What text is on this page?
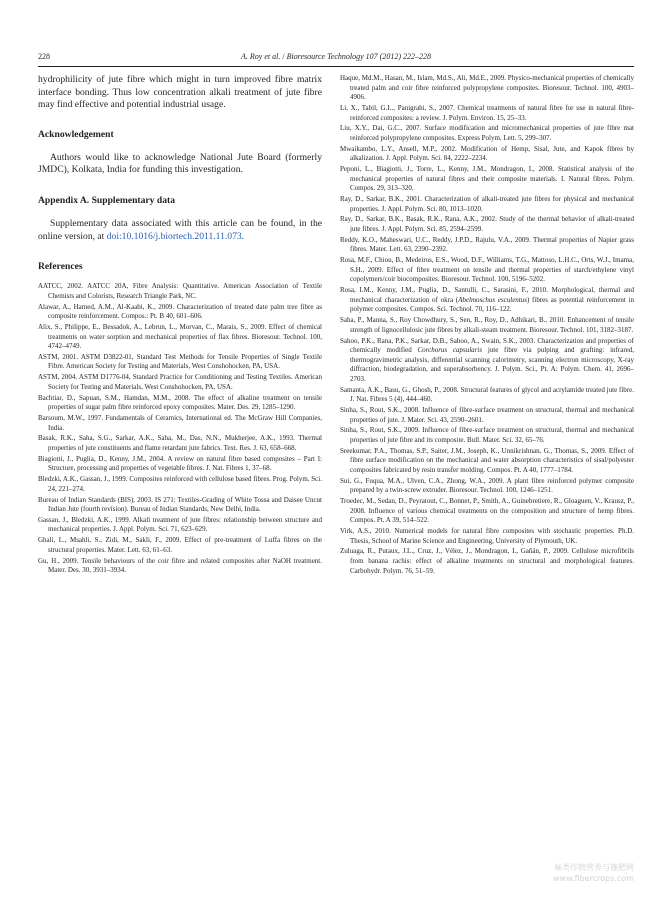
228	A. Roy et al. / Bioresource Technology 107 (2012) 222–228

hydrophilicity of jute fibre which might in turn improved fibre matrix interface bonding. Thus low concentration alkali treatment of jute fibre may find effective and potential industrial usage.

Acknowledgement

Authors would like to acknowledge National Jute Board (formerly JMDC), Kolkata, India for funding this investigation.

Appendix A. Supplementary data

Supplementary data associated with this article can be found, in the online version, at doi:10.1016/j.biortech.2011.11.073.

References

AATCC, 2002. AATCC 20A, Fibre Analysis: Quantitative. American Association of Textile Chemists and Colorists, Research Triangle Park, NC.

Alawar, A., Hamed, A.M., Al-Kaabi, K., 2009. Characterization of treated date palm tree fibre as composite reinforcement. Compos.: Pt. B 40, 601–606.

Alix, S., Philippe, E., Bessadok, A., Lebrun, L., Morvan, C., Marais, S., 2009. Effect of chemical treatments on water sorption and mechanical properties of flax fibres. Bioresour. Technol. 100, 4742–4749.

ASTM, 2001. ASTM D3822-01, Standard Test Methods for Tensile Properties of Single Textile Fibre. American Society for Testing and Materials, West Conshohocken, PA, USA.

ASTM, 2004. ASTM D1776-04, Standard Practice for Conditioning and Testing Textiles. American Society for Testing and Materials, West Conshohocken, PA, USA.

Bachtiar, D., Sapuan, S.M., Hamdan, M.M., 2008. The effect of alkaline treatment on tensile properties of sugar palm fibre reinforced epoxy composites. Mater. Des. 29, 1285–1290.

Barsoum, M.W., 1997. Fundamentals of Ceramics, International ed. The McGraw Hill Companies, India.

Basak, R.K., Saha, S.G., Sarkar, A.K., Saha, M., Das, N.N., Mukherjee, A.K., 1993. Thermal properties of jute constituents and flame retardant jute fabrics. Text. Res. J. 63, 658–668.

Biagiotti, J., Puglia, D., Kenny, J.M., 2004. A review on natural fibre based composites – Part I: Structure, processing and properties of vegetable fibres. J. Nat. Fibres 1, 37–68.

Bledzki, A.K., Gassan, J., 1999. Composites reinforced with cellulose based fibres. Prog. Polym. Sci. 24, 221–274.

Bureau of Indian Standards (BIS), 2003. IS 271: Textiles-Grading of White Tossa and Daisee Uncut Indian Jute (fourth revision). Bureau of Indian Standards, New Delhi, India.

Gassan, J., Bledzki, A.K., 1999. Alkali treatment of jute fibres: relationship between structure and mechanical properties. J. Appl. Polym. Sci. 71, 623–629.

Ghali, L., Msahli, S., Zidi, M., Sakli, F., 2009. Effect of pre-treatment of Luffa fibres on the structural properties. Mater. Lett. 63, 61–63.

Gu, H., 2009. Tensile behaviours of the coir fibre and related composites after NaOH treatment. Mater. Des. 30, 3931–3934.

Haque, Md.M., Hasan, M., Islam, Md.S., Ali, Md.E., 2009. Physico-mechanical properties of chemically treated palm and coir fibre reinforced polypropylene composites. Bioresour. Technol. 100, 4903–4906.

Li, X., Tabil, G.L., Panigrahi, S., 2007. Chemical treatments of natural fibre for use in natural fibre-reinforced composites: a review. J. Polym. Environ. 15, 25–33.

Liu, X.Y., Dai, G.C., 2007. Surface modification and micromechanical properties of jute fibre mat reinforced polypropylene composites. Express Polym. Lett. 5, 299–307.

Mwaikambo, L.Y., Ansell, M.P., 2002. Modification of Hemp, Sisal, Jute, and Kapok fibres by alkalization. J. Appl. Polym. Sci. 84, 2222–2234.

Peponi, L., Biagiotti, J., Torre, L., Kenny, J.M., Mondragon, I., 2008. Statistical analysis of the mechanical properties of natural fibres and their composite materials. I. Natural fibres. Polym. Compos. 29, 313–320.

Ray, D., Sarkar, B.K., 2001. Characterization of alkali-treated jute fibres for physical and mechanical properties. J. Appl. Polym. Sci. 80, 1013–1020.

Ray, D., Sarkar, B.K., Basak, R.K., Rana, A.K., 2002. Study of the thermal behavior of alkali-treated jute fibres. J. Appl. Polym. Sci. 85, 2594–2599.

Reddy, K.O., Maheswari, U.C., Reddy, J.P.D., Rajulu, V.A., 2009. Thermal properties of Napier grass fibres. Mater. Lett. 63, 2390–2392.

Rosa, M.F., Chiou, B., Medeiros, E.S., Wood, D.F., Williams, T.G., Mattoso, L.H.C., Orts, W.J., Imama, S.H., 2009. Effect of fibre treatment on tensile and thermal properties of starch/ethylene vinyl copolymers/coir biocomposites. Bioresour. Technol. 100, 5196–5202.

Rosa, I.M., Kenny, J.M., Puglia, D., Santulli, C., Sarasini, F., 2010. Morphological, thermal and mechanical characterization of okra (Abelmoschus esculentus) fibres as potential reinforcement in polymer composites. Compos. Sci. Technol. 70, 116–122.

Saha, P., Manna, S., Roy Chowdhury, S., Sen, R., Roy, D., Adhikari, B., 2010. Enhancement of tensile strength of lignocellulosic jute fibres by alkali-steam treatment. Bioresour. Technol. 101, 3182–3187.

Sahoo, P.K., Rana, P.K., Sarkar, D.B., Sahoo, A., Swain, S.K., 2003. Characterization and properties of chemically modified Corchorus capsularis jute fibre via pulping and grafting: infrared, thermogravimetric analysis, differential scanning calorimetry, scanning electron microscopy, X-ray diffraction, biodegradation, and superabsorbency. J. Polym. Sci., Pt. A: Polym. Chem. 41, 2696–2703.

Samanta, A.K., Basu, G., Ghosh, P., 2008. Structural features of glycol and acrylamide treated jute fibre. J. Nat. Fibres 5 (4), 444–460.

Sinha, S., Rout, S.K., 2008. Influence of fibre-surface treatment on structural, thermal and mechanical properties of jute. J. Mater. Sci. 43, 2590–2601.

Sinha, S., Rout, S.K., 2009. Influence of fibre-surface treatment on structural, thermal and mechanical properties of jute fibre and its composite. Bull. Mater. Sci. 32, 65–76.

Sreekumar, P.A., Thomas, S.P., Saiter, J.M., Joseph, K., Unnikrishnan, G., Thomas, S., 2009. Effect of fibre surface modification on the mechanical and water absorption characteristics of sisal/polyester composites fabricated by resin transfer molding. Compos. Pt. A 40, 1777–1784.

Sui, G., Fuqua, M.A., Ulven, C.A., Zhong, W.A., 2009. A plant fibre reinforced polymer composite prepared by a twin-screw extruder. Bioresour. Technol. 100, 1246–1251.

Troedec, M., Sedan, D., Peyratout, C., Bonnet, P., Smith, A., Guinebretiere, R., Gloaguen, V., Krausz, P., 2008. Influence of various chemical treatments on the composition and structure of hemp fibres. Compos. Pt. A 39, 514–522.

Virk, A.S., 2010. Numerical models for natural fibre composites with stochastic properties. Ph.D. Thesis, School of Marine Science and Engineering, University of Plymouth, UK.

Zuluaga, R., Putaux, J.L., Cruz, J., Vélez, J., Mondragon, I., Gañán, P., 2009. Cellulose microfibrils from banana rachis: effect of alkaline treatments on structural and morphological features. Carbohydr. Polym. 76, 51–59.

麻类作物营养与施肥网
www.fibercrops.com
